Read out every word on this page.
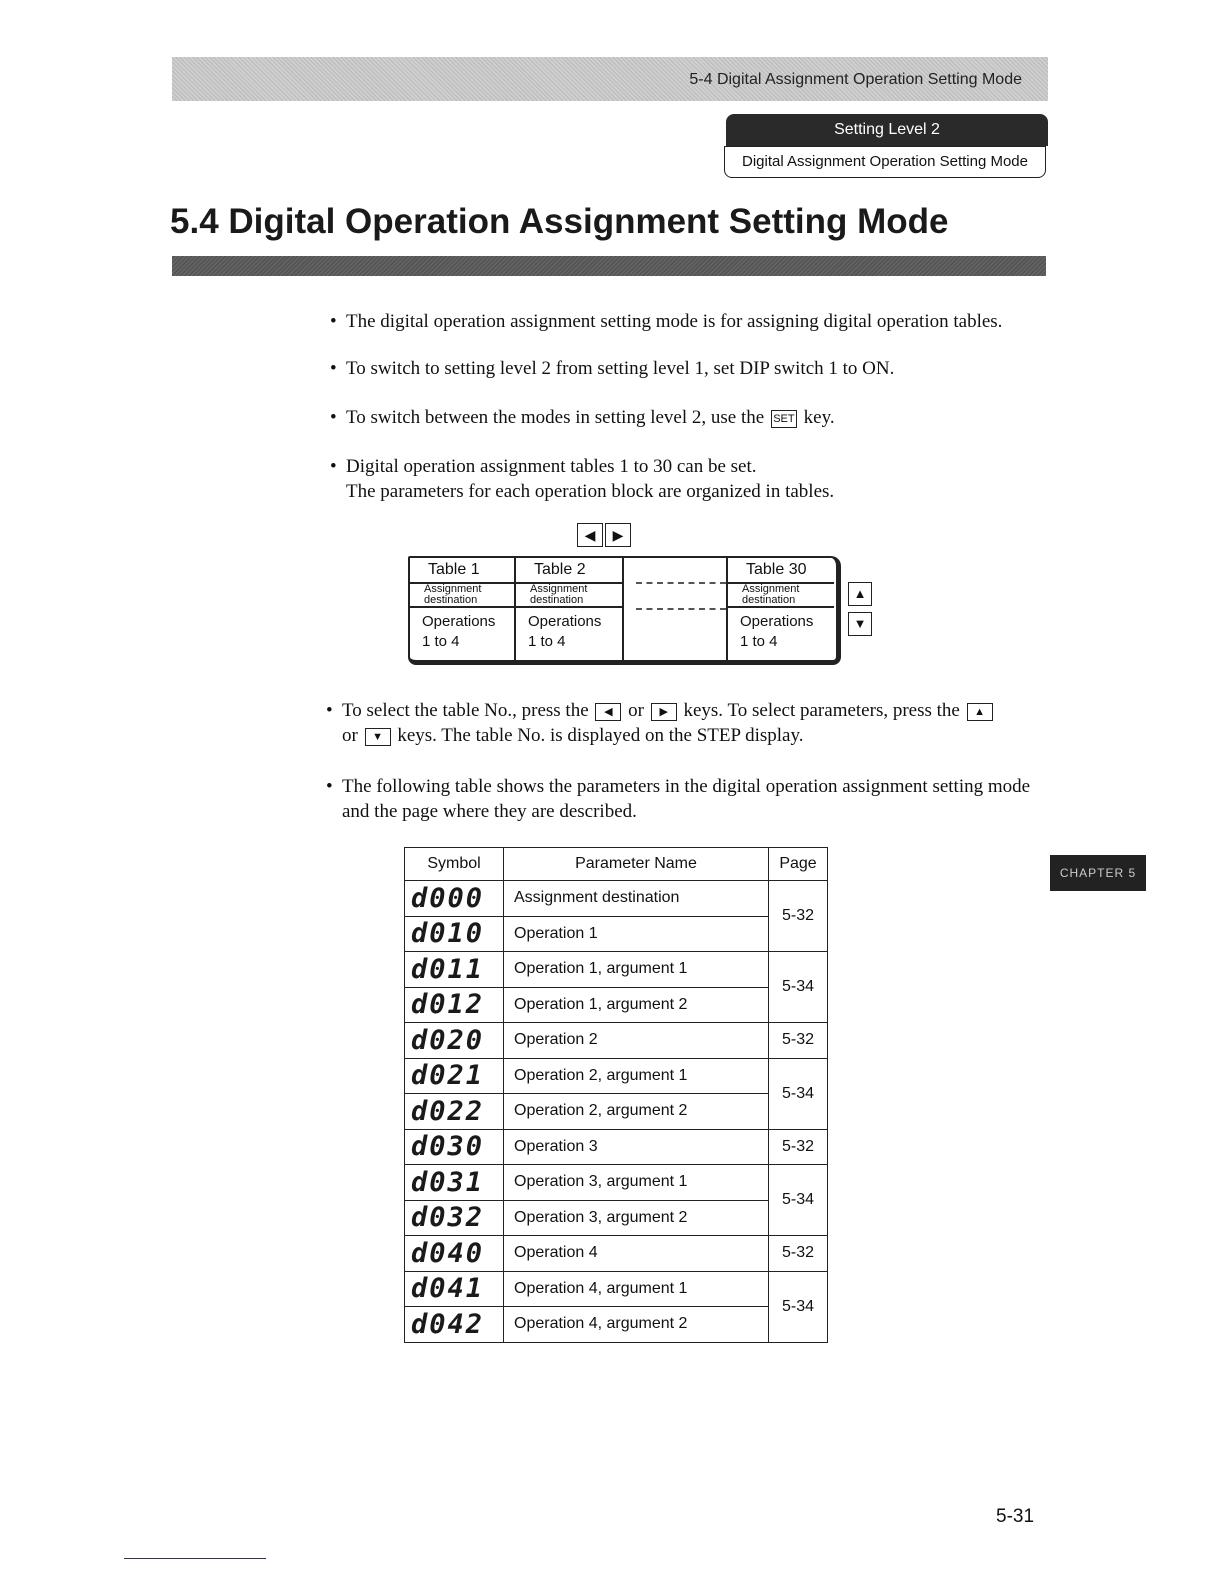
5-4 Digital Assignment Operation Setting Mode
Setting Level 2
Digital Assignment Operation Setting Mode
5.4 Digital Operation Assignment Setting Mode
• The digital operation assignment setting mode is for assigning digital operation tables.
• To switch to setting level 2 from setting level 1, set DIP switch 1 to ON.
• To switch between the modes in setting level 2, use the SET key.
• Digital operation assignment tables 1 to 30 can be set.
The parameters for each operation block are organized in tables.
◀ ▶
Table 1
Assignment destination
Operations
1 to 4
Table 2
Assignment destination
Operations
1 to 4
Table 30
Assignment destination
Operations
1 to 4
▲
▼
• To select the table No., press the ◀ or ▶ keys. To select parameters, press the ▲
or ▼ keys. The table No. is displayed on the STEP display.
• The following table shows the parameters in the digital operation assignment setting mode and the page where they are described.
Symbol	Parameter Name	Page
d000	Assignment destination	5-32
d010	Operation 1	
d011	Operation 1, argument 1	5-34
d012	Operation 1, argument 2	
d020	Operation 2	5-32
d021	Operation 2, argument 1	5-34
d022	Operation 2, argument 2	
d030	Operation 3	5-32
d031	Operation 3, argument 1	5-34
d032	Operation 3, argument 2	
d040	Operation 4	5-32
d041	Operation 4, argument 1	5-34
d042	Operation 4, argument 2	
CHAPTER 5
5-31
